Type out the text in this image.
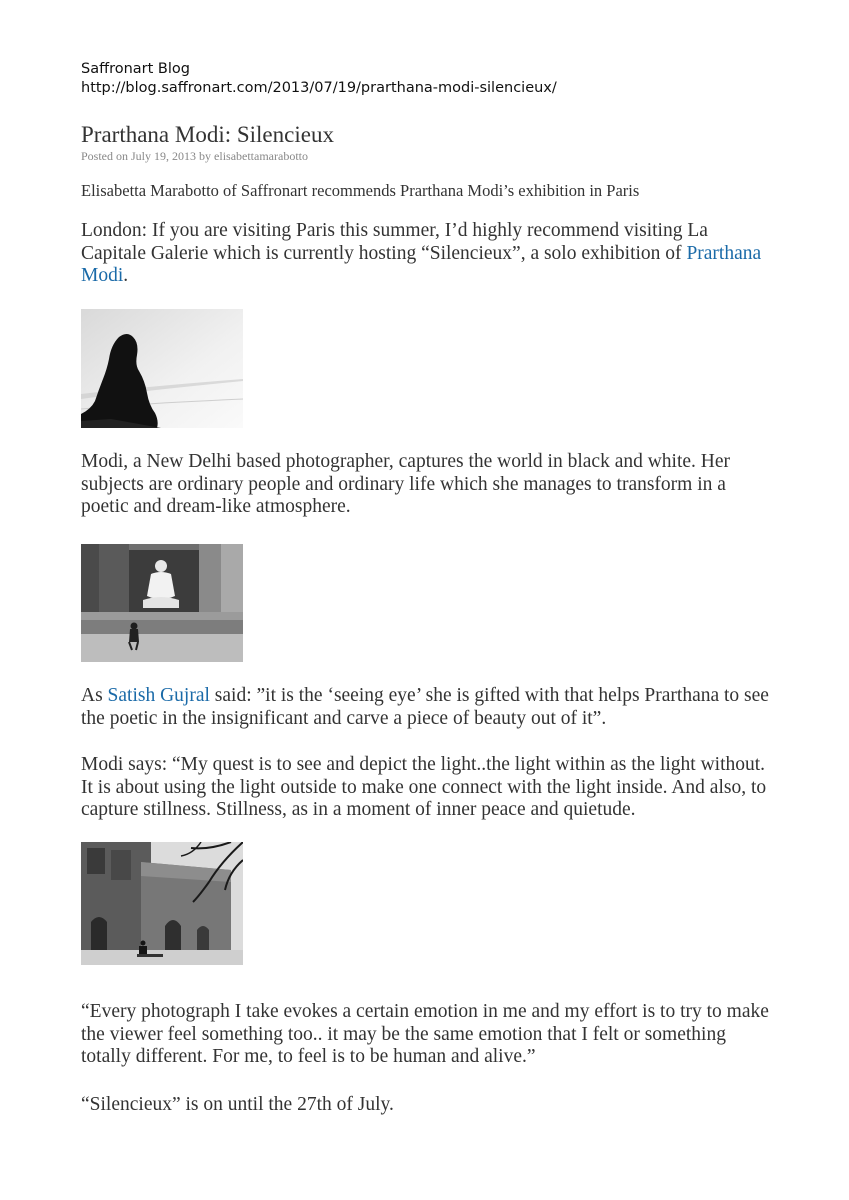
Saffronart Blog
http://blog.saffronart.com/2013/07/19/prarthana-modi-silencieux/
Prarthana Modi: Silencieux
Posted on July 19, 2013 by elisabettamarabotto

Elisabetta Marabotto of Saffronart recommends Prarthana Modi’s exhibition in Paris

London: If you are visiting Paris this summer, I’d highly recommend visiting La Capitale Galerie which is currently hosting “Silencieux”, a solo exhibition of Prarthana Modi.

Modi, a New Delhi based photographer, captures the world in black and white. Her subjects are ordinary people and ordinary life which she manages to transform in a poetic and dream-like atmosphere.

As Satish Gujral said: ”it is the ‘seeing eye’ she is gifted with that helps Prarthana to see the poetic in the insignificant and carve a piece of beauty out of it”.

Modi says: “My quest is to see and depict the light..the light within as the light without. It is about using the light outside to make one connect with the light inside. And also, to capture stillness. Stillness, as in a moment of inner peace and quietude.

“Every photograph I take evokes a certain emotion in me and my effort is to try to make the viewer feel something too.. it may be the same emotion that I felt or something totally different. For me, to feel is to be human and alive.”

“Silencieux” is on until the 27th of July.
